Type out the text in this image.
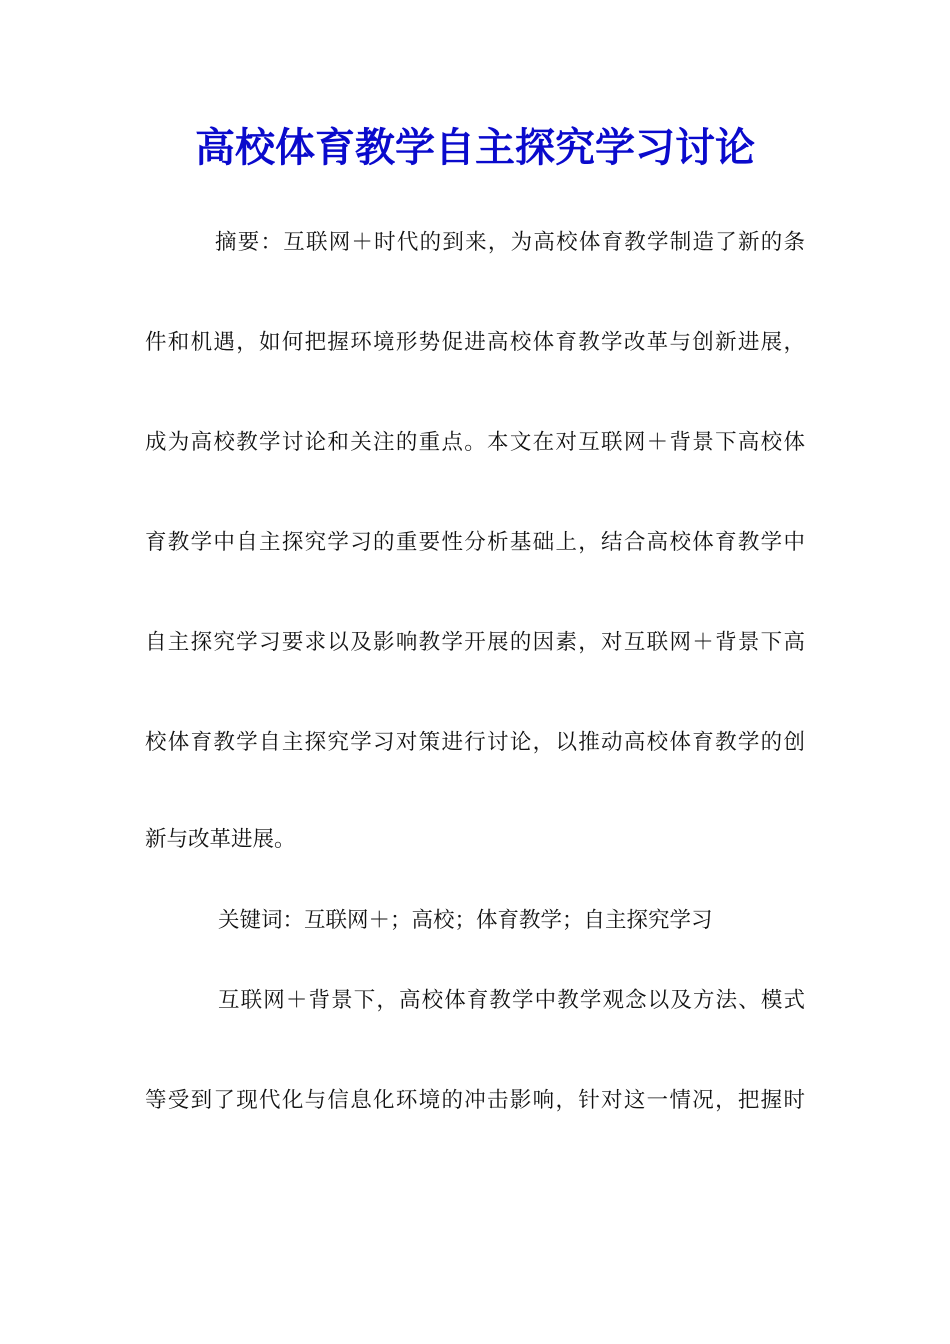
高校体育教学自主探究学习讨论

摘要：互联网＋时代的到来，为高校体育教学制造了新的条

件和机遇，如何把握环境形势促进高校体育教学改革与创新进展，

成为高校教学讨论和关注的重点。本文在对互联网＋背景下高校体

育教学中自主探究学习的重要性分析基础上，结合高校体育教学中

自主探究学习要求以及影响教学开展的因素，对互联网＋背景下高

校体育教学自主探究学习对策进行讨论，以推动高校体育教学的创

新与改革进展。

关键词：互联网＋；高校；体育教学；自主探究学习

互联网＋背景下，高校体育教学中教学观念以及方法、模式

等受到了现代化与信息化环境的冲击影响，针对这一情况，把握时
